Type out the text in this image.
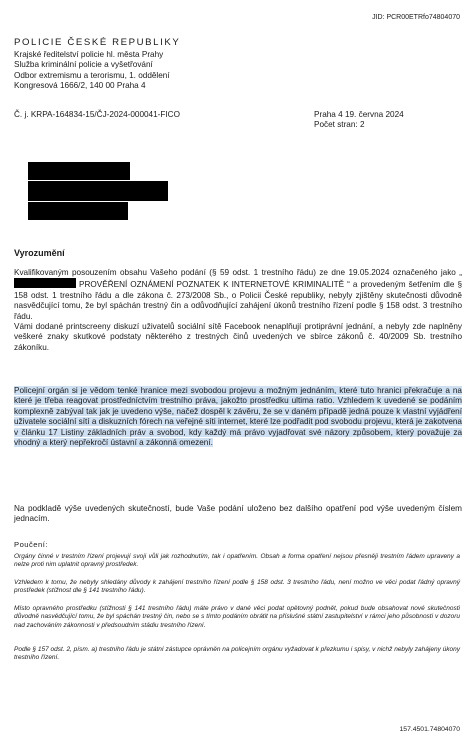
JID: PCR00ETRfo74804070
POLICIE ČESKÉ REPUBLIKY
Krajské ředitelství policie hl. města Prahy
Služba kriminální policie a vyšetřování
Odbor extremismu a terorismu, 1. oddělení
Kongresová 1666/2, 140 00 Praha 4
Č. j. KRPA-164834-15/ČJ-2024-000041-FICO	Praha 4 19. června 2024
Počet stran: 2
Vyrozumění
Kvalifikovaným posouzením obsahu Vašeho podání (§ 59 odst. 1 trestního řádu) ze dne 19.05.2024 označeného jako „ PROVĚŘENÍ OZNÁMENÍ POZNATEK K INTERNETOVÉ KRIMINALITĚ “ a provedeným šetřením dle § 158 odst. 1 trestního řádu a dle zákona č. 273/2008 Sb., o Policii České republiky, nebyly zjištěny skutečnosti důvodně nasvědčující tomu, že byl spáchán trestný čin a odůvodňující zahájení úkonů trestního řízení podle § 158 odst. 3 trestního řádu.
Vámi dodané printscreeny diskuzí uživatelů sociální sítě Facebook nenaplňují protiprávní jednání, a nebyly zde naplněny veškeré znaky skutkové podstaty některého z trestných činů uvedených ve sbírce zákonů č. 40/2009 Sb. trestního zákoníku.
Policejní orgán si je vědom tenké hranice mezi svobodou projevu a možným jednáním, které tuto hranici překračuje a na které je třeba reagovat prostředníctvím trestního práva, jakožto prostředku ultima ratio. Vzhledem k uvedené se podáním komplexně zabýval tak jak je uvedeno výše, načež dospěl k závěru, že se v daném případě jedná pouze k vlastní vyjádření uživatele sociální sítí a diskuzních fórech na veřejné síti internet, které lze podřadit pod svobodu projevu, která je zakotvena v článku 17 Listiny základních práv a svobod, kdy každý má právo vyjadřovat své názory způsobem, který považuje za vhodný a který nepřekročí ústavní a zákonná omezení.
Na podkladě výše uvedených skutečností, bude Vaše podání uloženo bez dalšího opatření pod výše uvedeným číslem jednacím.
Poučení:
Orgány činné v trestním řízení projevují svoji vůli jak rozhodnutím, tak i opatřením. Obsah a forma opatření nejsou přesněji trestním řádem upraveny a nelze proti nim uplatnit opravný prostředek.
Vzhledem k tomu, že nebyly shledány důvody k zahájení trestního řízení podle § 158 odst. 3 trestního řádu, není možno ve věci podat řádný opravný prostředek (stížnost dle § 141 trestního řádu).
Místo opravného prostředku (stížnosti § 141 trestního řádu) máte právo v dané věci podat opětovný podnět, pokud bude obsahovat nové skutečnosti důvodně nasvědčující tomu, že byl spáchán trestný čin, nebo se s tímto podáním obrátit na příslušné státní zastupitelství v rámci jeho působnosti v dozoru nad zachováním zákonnosti v předsoudním stádiu trestního řízení.
Podle § 157 odst. 2, písm. a) trestního řádu je státní zástupce oprávněn na policejním orgánu vyžadovat k přezkumu i spisy, v nichž nebyly zahájeny úkony trestního řízení.
157.4501.74804070
